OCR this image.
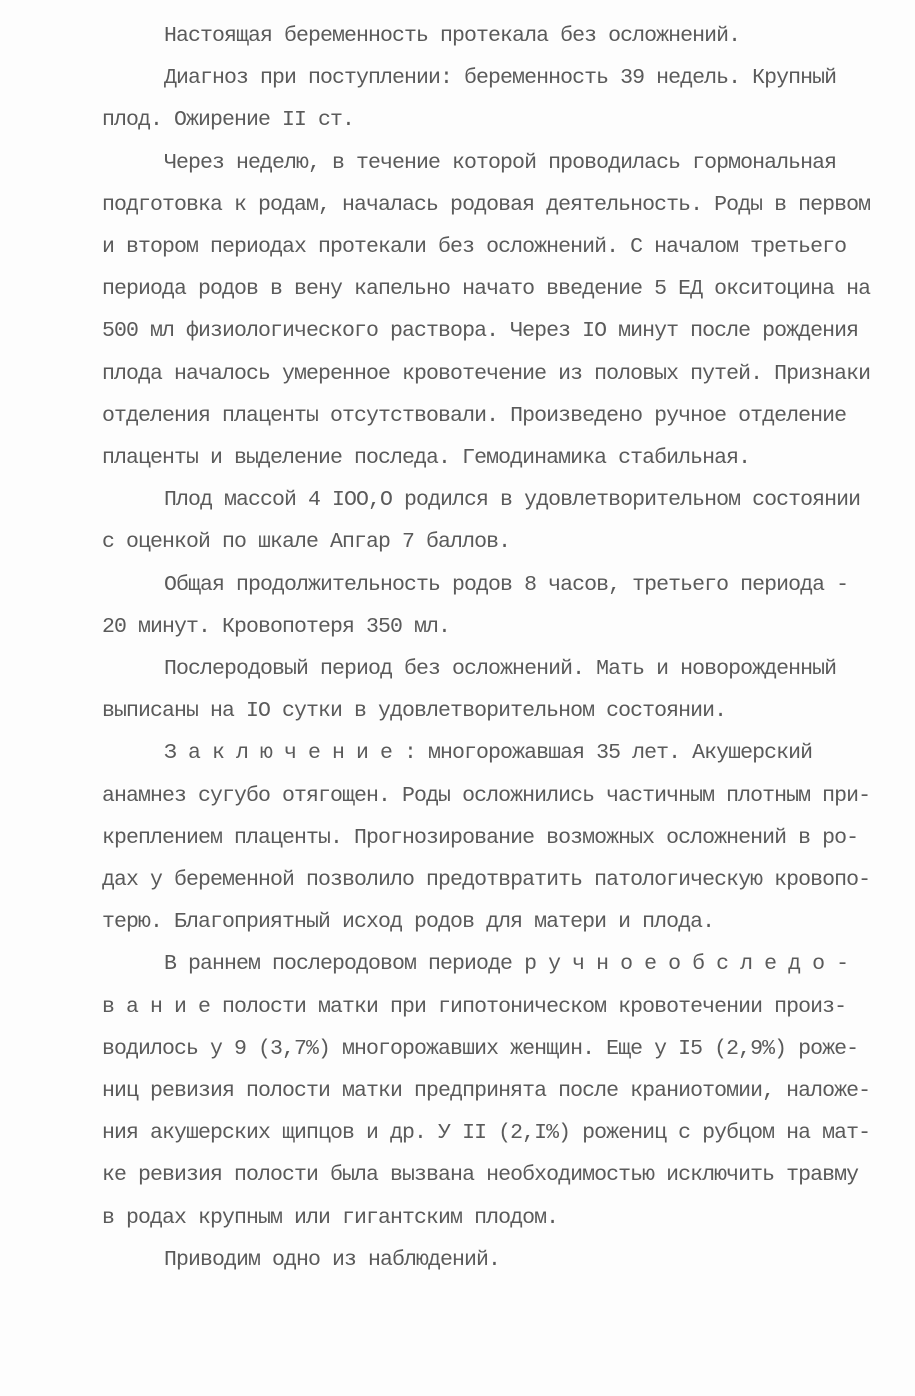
Настоящая беременность протекала без осложнений.
Диагноз при поступлении: беременность 39 недель. Крупный
плод. Ожирение II ст.
Через неделю, в течение которой проводилась гормональная
подготовка к родам, началась родовая деятельность. Роды в первом
и втором периодах протекали без осложнений. С началом третьего
периода родов в вену капельно начато введение 5 ЕД окситоцина на
500 мл физиологического раствора. Через IO минут после рождения
плода началось умеренное кровотечение из половых путей. Признаки
отделения плаценты отсутствовали. Произведено ручное отделение
плаценты и выделение последа. Гемодинамика стабильная.
Плод массой 4 IOO,O родился в удовлетворительном состоянии
с оценкой по шкале Апгар 7 баллов.
Общая продолжительность родов 8 часов, третьего периода -
20 минут. Кровопотеря 350 мл.
Послеродовый период без осложнений. Мать и новорожденный
выписаны на IO сутки в удовлетворительном состоянии.
З а к л ю ч е н и е : многорожавшая 35 лет. Акушерский
анамнез сугубо отягощен. Роды осложнились частичным плотным при-
креплением плаценты. Прогнозирование возможных осложнений в ро-
дах у беременной позволило предотвратить патологическую кровопо-
терю. Благоприятный исход родов для матери и плода.
В раннем послеродовом периоде р у ч н о е о б с л е д о -
в а н и е полости матки при гипотоническом кровотечении произ-
водилось у 9 (3,7%) многорожавших женщин. Еще у I5 (2,9%) роже-
ниц ревизия полости матки предпринята после краниотомии, наложе-
ния акушерских щипцов и др. У II (2,I%) рожениц с рубцом на мат-
ке ревизия полости была вызвана необходимостью исключить травму
в родах крупным или гигантским плодом.
Приводим одно из наблюдений.
